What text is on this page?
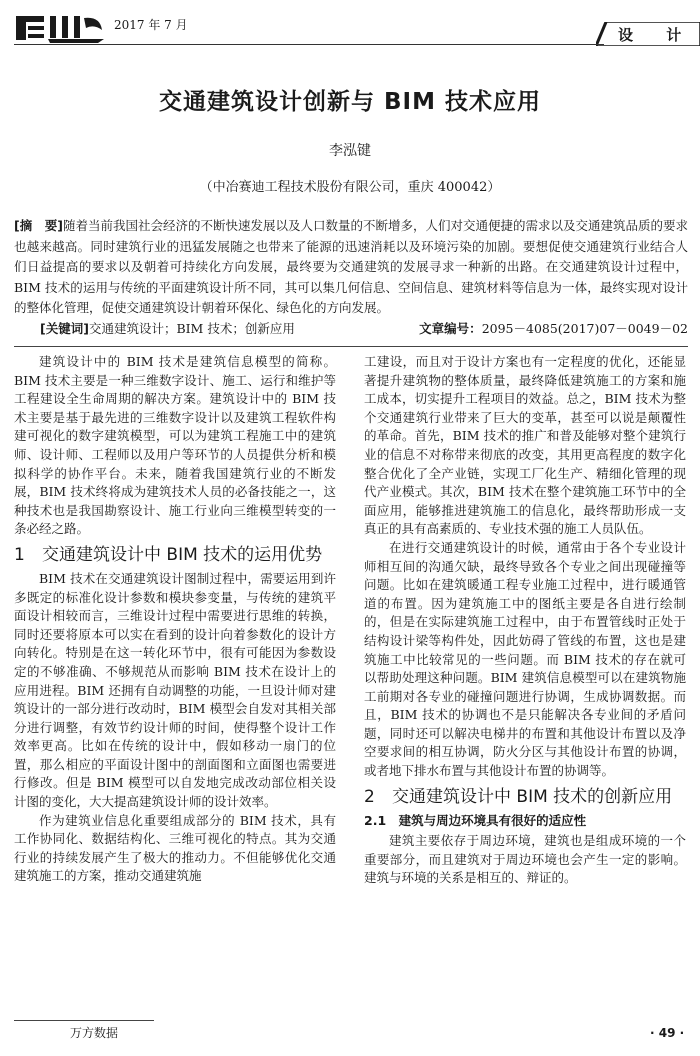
2017 年 7 月
设 计
交通建筑设计创新与 BIM 技术应用
李泓键
（中冶赛迪工程技术股份有限公司，重庆 400042）
[摘　要]随着当前我国社会经济的不断快速发展以及人口数量的不断增多，人们对交通便捷的需求以及交通建筑品质的要求也越来越高。同时建筑行业的迅猛发展随之也带来了能源的迅速消耗以及环境污染的加剧。要想促使交通建筑行业结合人们日益提高的要求以及朝着可持续化方向发展，最终要为交通建筑的发展寻求一种新的出路。在交通建筑设计过程中，BIM 技术的运用与传统的平面建筑设计所不同，其可以集几何信息、空间信息、建筑材料等信息为一体，最终实现对设计的整体化管理，促使交通建筑设计朝着环保化、绿色化的方向发展。
[关键词]交通建筑设计；BIM 技术；创新应用	文章编号：2095－4085(2017)07－0049－02

建筑设计中的 BIM 技术是建筑信息模型的简称。BIM 技术主要是一种三维数字设计、施工、运行和维护等工程建设全生命周期的解决方案。建筑设计中的 BIM 技术主要是基于最先进的三维数字设计以及建筑工程软件构建可视化的数字建筑模型，可以为建筑工程施工中的建筑师、设计师、工程师以及用户等环节的人员提供分析和模拟科学的协作平台。未来，随着我国建筑行业的不断发展，BIM 技术终将成为建筑技术人员的必备技能之一，这种技术也是我国勘察设计、施工行业向三维模型转变的一条必经之路。

1	交通建筑设计中 BIM 技术的运用优势

BIM 技术在交通建筑设计图制过程中，需要运用到许多既定的标准化设计参数和模块参变量，与传统的建筑平面设计相较而言，三维设计过程中需要进行思维的转换，同时还要将原本可以实在看到的设计向着参数化的设计方向转化。特别是在这一转化环节中，很有可能因为参数设定的不够准确、不够规范从而影响 BIM 技术在设计上的应用进程。BIM 还拥有自动调整的功能，一旦设计师对建筑设计的一部分进行改动时，BIM 模型会自发对其相关部分进行调整，有效节约设计师的时间，使得整个设计工作效率更高。比如在传统的设计中，假如移动一扇门的位置，那么相应的平面设计图中的剖面图和立面图也需要进行修改。但是 BIM 模型可以自发地完成改动部位相关设计图的变化，大大提高建筑设计师的设计效率。

作为建筑业信息化重要组成部分的 BIM 技术，具有工作协同化、数据结构化、三维可视化的特点。其为交通行业的持续发展产生了极大的推动力。不但能够优化交通建筑施工的方案，推动交通建筑施

工建设，而且对于设计方案也有一定程度的优化，还能显著提升建筑物的整体质量，最终降低建筑施工的方案和施工成本，切实提升工程项目的效益。总之，BIM 技术为整个交通建筑行业带来了巨大的变革，甚至可以说是颠覆性的革命。首先，BIM 技术的推广和普及能够对整个建筑行业的信息不对称带来彻底的改变，其用更高程度的数字化整合优化了全产业链，实现工厂化生产、精细化管理的现代产业模式。其次，BIM 技术在整个建筑施工环节中的全面应用，能够推进建筑施工的信息化，最终帮助形成一支真正的具有高素质的、专业技术强的施工人员队伍。

在进行交通建筑设计的时候，通常由于各个专业设计师相互间的沟通欠缺，最终导致各个专业之间出现碰撞等问题。比如在建筑暖通工程专业施工过程中，进行暖通管道的布置。因为建筑施工中的图纸主要是各自进行绘制的，但是在实际建筑施工过程中，由于布置管线时正处于结构设计梁等构件处，因此妨碍了管线的布置，这也是建筑施工中比较常见的一些问题。而 BIM 技术的存在就可以帮助处理这种问题。BIM 建筑信息模型可以在建筑物施工前期对各专业的碰撞问题进行协调，生成协调数据。而且，BIM 技术的协调也不是只能解决各专业间的矛盾问题，同时还可以解决电梯井的布置和其他设计布置以及净空要求间的相互协调，防火分区与其他设计布置的协调，或者地下排水布置与其他设计布置的协调等。

2	交通建筑设计中 BIM 技术的创新应用
2.1　建筑与周边环境具有很好的适应性

建筑主要依存于周边环境，建筑也是组成环境的一个重要部分，而且建筑对于周边环境也会产生一定的影响。建筑与环境的关系是相互的、辩证的。

万方数据	· 49 ·
